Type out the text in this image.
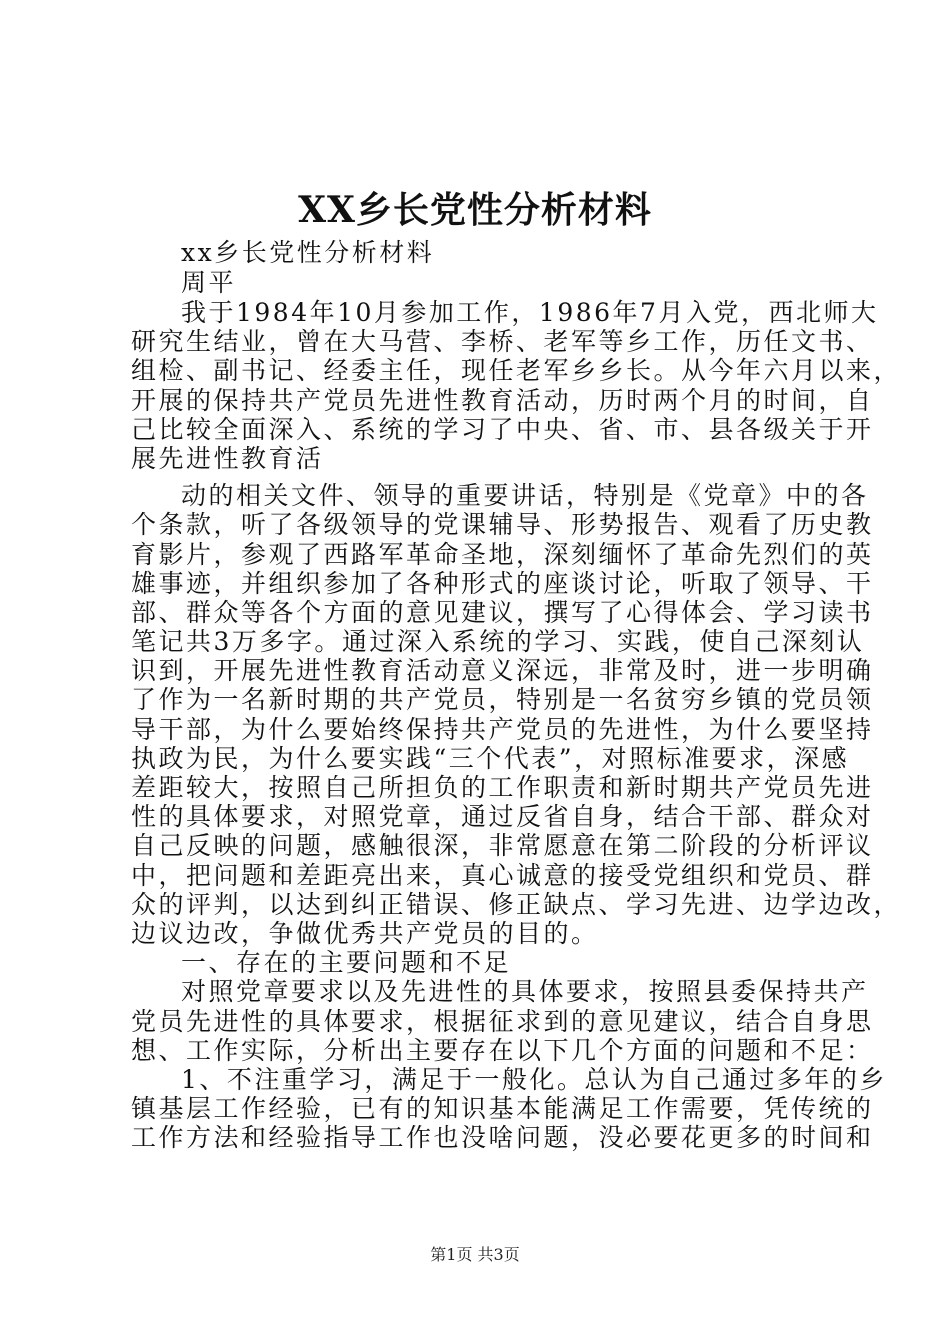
XX乡长党性分析材料
xx乡长党性分析材料
周平
我于1984年10月参加工作，1986年7月入党，西北师大
研究生结业，曾在大马营、李桥、老军等乡工作，历任文书、
组检、副书记、经委主任，现任老军乡乡长。从今年六月以来，
开展的保持共产党员先进性教育活动，历时两个月的时间，自
己比较全面深入、系统的学习了中央、省、市、县各级关于开
展先进性教育活
动的相关文件、领导的重要讲话，特别是《党章》中的各
个条款，听了各级领导的党课辅导、形势报告、观看了历史教
育影片，参观了西路军革命圣地，深刻缅怀了革命先烈们的英
雄事迹，并组织参加了各种形式的座谈讨论，听取了领导、干
部、群众等各个方面的意见建议，撰写了心得体会、学习读书
笔记共3万多字。通过深入系统的学习、实践，使自己深刻认
识到，开展先进性教育活动意义深远，非常及时，进一步明确
了作为一名新时期的共产党员，特别是一名贫穷乡镇的党员领
导干部，为什么要始终保持共产党员的先进性，为什么要坚持
执政为民，为什么要实践“三个代表”，对照标准要求，深感
差距较大，按照自己所担负的工作职责和新时期共产党员先进
性的具体要求，对照党章，通过反省自身，结合干部、群众对
自己反映的问题，感触很深，非常愿意在第二阶段的分析评议
中，把问题和差距亮出来，真心诚意的接受党组织和党员、群
众的评判，以达到纠正错误、修正缺点、学习先进、边学边改，
边议边改，争做优秀共产党员的目的。
一、存在的主要问题和不足
对照党章要求以及先进性的具体要求，按照县委保持共产
党员先进性的具体要求，根据征求到的意见建议，结合自身思
想、工作实际，分析出主要存在以下几个方面的问题和不足：
1、不注重学习，满足于一般化。总认为自己通过多年的乡
镇基层工作经验，已有的知识基本能满足工作需要，凭传统的
工作方法和经验指导工作也没啥问题，没必要花更多的时间和
第1页 共3页
